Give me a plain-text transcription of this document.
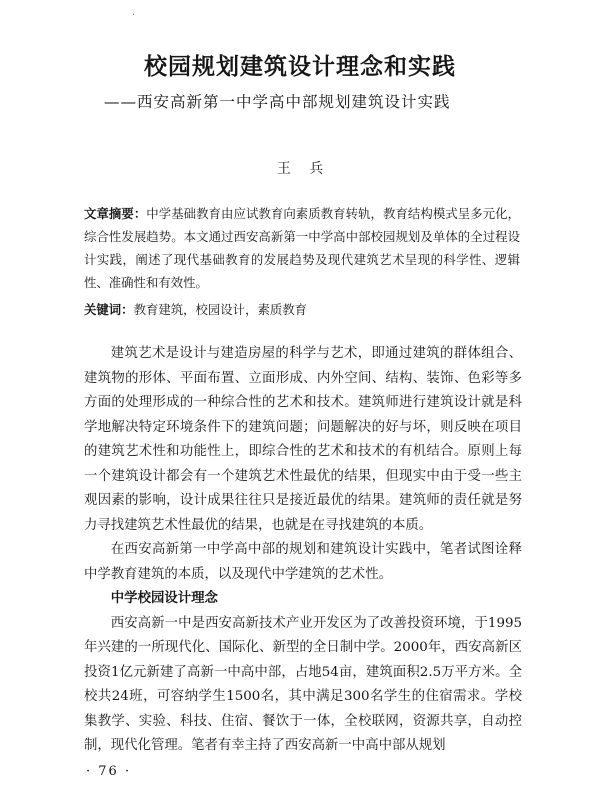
·
校园规划建筑设计理念和实践
——西安高新第一中学高中部规划建筑设计实践
王 兵
文章摘要：中学基础教育由应试教育向素质教育转轨，教育结构模式呈多元化，综合性发展趋势。本文通过西安高新第一中学高中部校园规划及单体的全过程设计实践，阐述了现代基础教育的发展趋势及现代建筑艺术呈现的科学性、逻辑性、准确性和有效性。
关键词：教育建筑，校园设计，素质教育

建筑艺术是设计与建造房屋的科学与艺术，即通过建筑的群体组合、建筑物的形体、平面布置、立面形成、内外空间、结构、装饰、色彩等多方面的处理形成的一种综合性的艺术和技术。建筑师进行建筑设计就是科学地解决特定环境条件下的建筑问题；问题解决的好与坏，则反映在项目的建筑艺术性和功能性上，即综合性的艺术和技术的有机结合。原则上每一个建筑设计都会有一个建筑艺术性最优的结果，但现实中由于受一些主观因素的影响，设计成果往往只是接近最优的结果。建筑师的责任就是努力寻找建筑艺术性最优的结果，也就是在寻找建筑的本质。

在西安高新第一中学高中部的规划和建筑设计实践中，笔者试图诠释中学教育建筑的本质，以及现代中学建筑的艺术性。

中学校园设计理念

西安高新一中是西安高新技术产业开发区为了改善投资环境，于1995年兴建的一所现代化、国际化、新型的全日制中学。2000年，西安高新区投资1亿元新建了高新一中高中部，占地54亩，建筑面积2.5万平方米。全校共24班，可容纳学生1500名，其中满足300名学生的住宿需求。学校集教学、实验、科技、住宿、餐饮于一体，全校联网，资源共享，自动控制，现代化管理。笔者有幸主持了西安高新一中高中部从规划

· 76 ·
